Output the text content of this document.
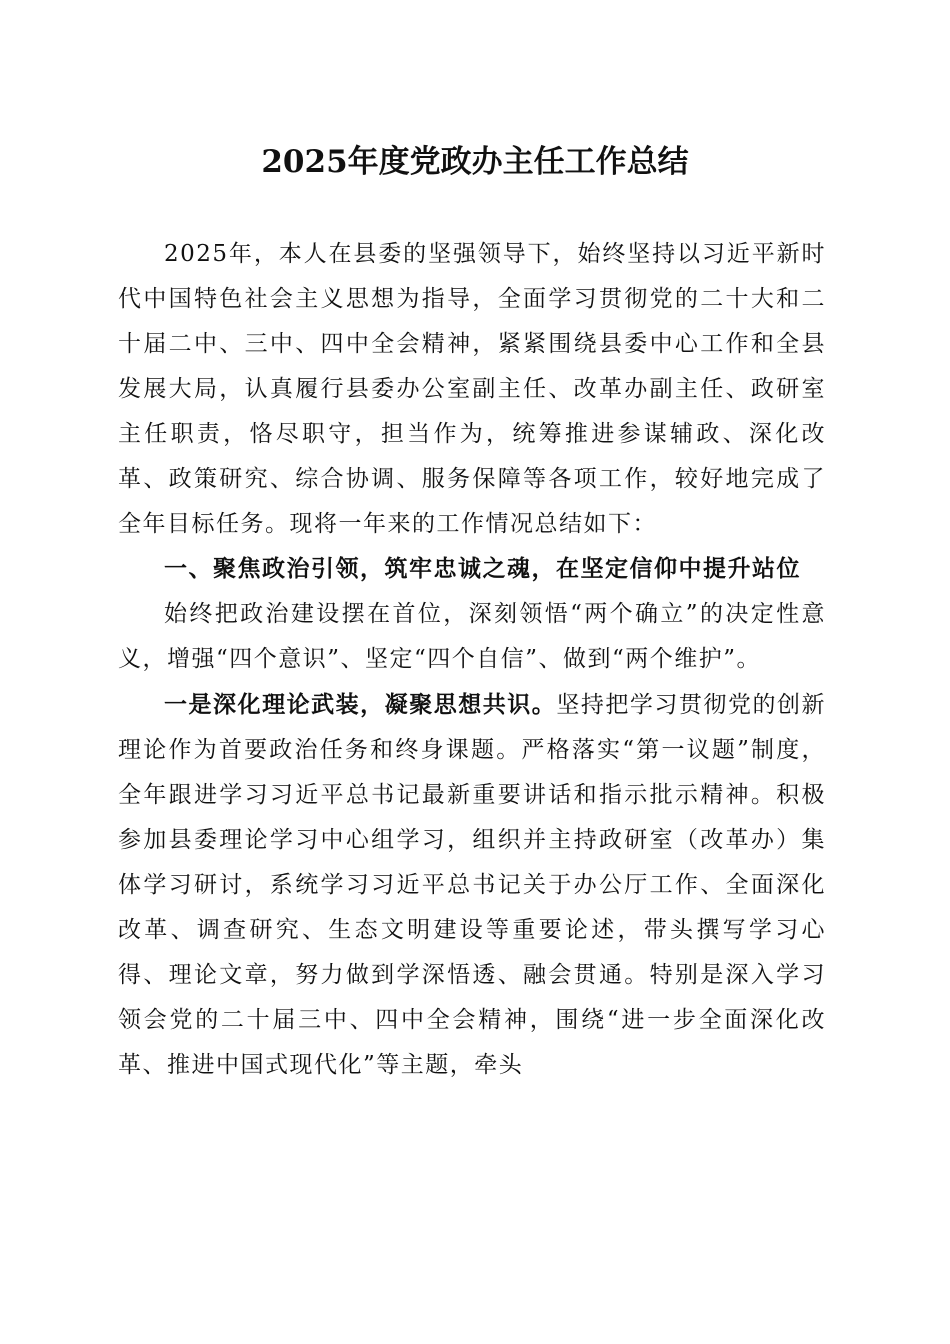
2025年度党政办主任工作总结

2025年，本人在县委的坚强领导下，始终坚持以习近平新时代中国特色社会主义思想为指导，全面学习贯彻党的二十大和二十届二中、三中、四中全会精神，紧紧围绕县委中心工作和全县发展大局，认真履行县委办公室副主任、改革办副主任、政研室主任职责，恪尽职守，担当作为，统筹推进参谋辅政、深化改革、政策研究、综合协调、服务保障等各项工作，较好地完成了全年目标任务。现将一年来的工作情况总结如下：

一、聚焦政治引领，筑牢忠诚之魂，在坚定信仰中提升站位

始终把政治建设摆在首位，深刻领悟“两个确立”的决定性意义，增强“四个意识”、坚定“四个自信”、做到“两个维护”。

一是深化理论武装，凝聚思想共识。坚持把学习贯彻党的创新理论作为首要政治任务和终身课题。严格落实“第一议题”制度，全年跟进学习习近平总书记最新重要讲话和指示批示精神。积极参加县委理论学习中心组学习，组织并主持政研室（改革办）集体学习研讨，系统学习习近平总书记关于办公厅工作、全面深化改革、调查研究、生态文明建设等重要论述，带头撰写学习心得、理论文章，努力做到学深悟透、融会贯通。特别是深入学习领会党的二十届三中、四中全会精神，围绕“进一步全面深化改革、推进中国式现代化”等主题，牵头
